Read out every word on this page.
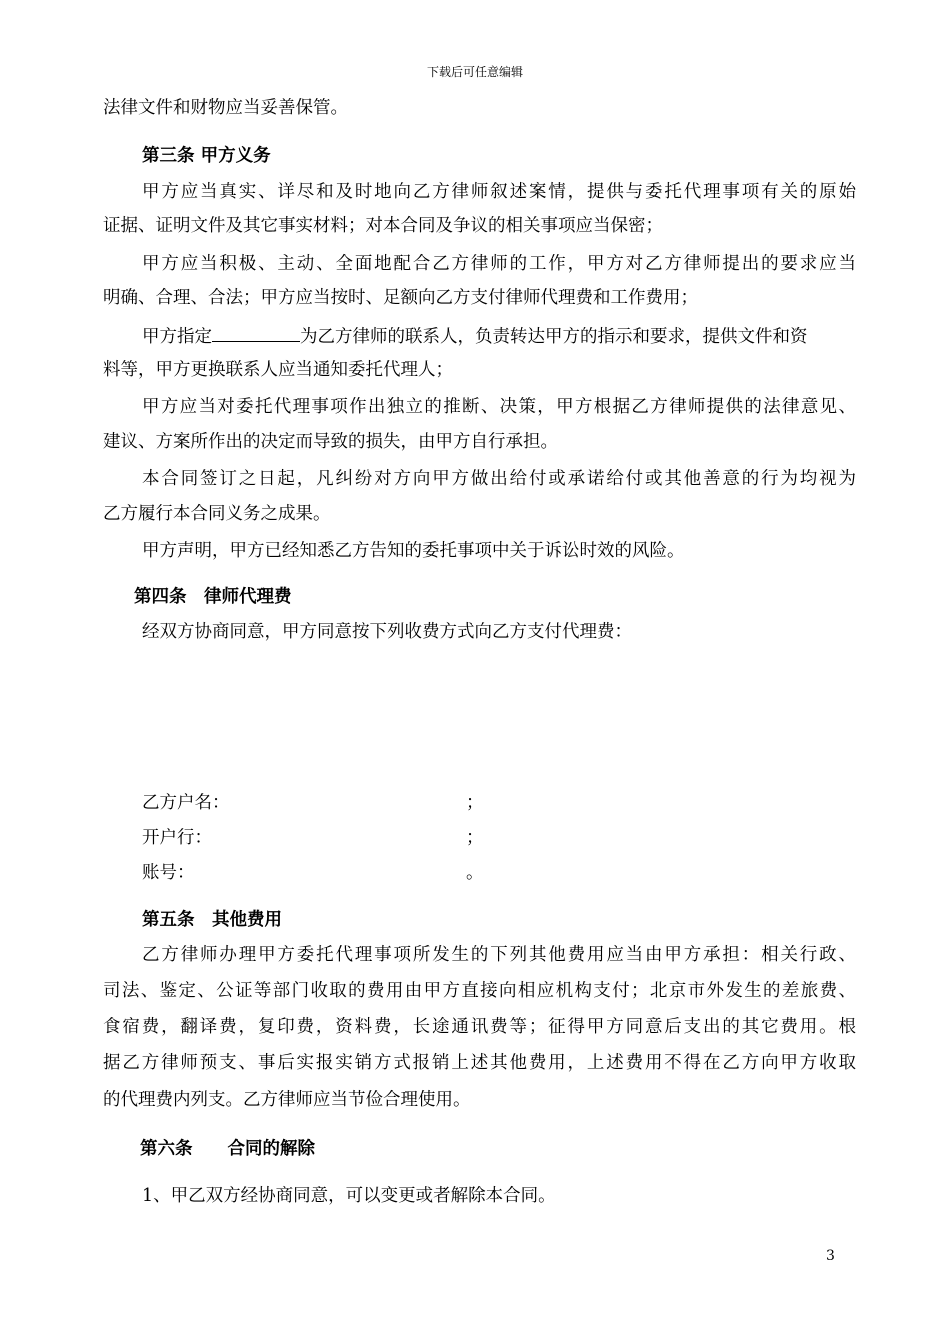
下载后可任意编辑
法律文件和财物应当妥善保管。
第三条 甲方义务
甲方应当真实、详尽和及时地向乙方律师叙述案情，提供与委托代理事项有关的原始
证据、证明文件及其它事实材料；对本合同及争议的相关事项应当保密；
甲方应当积极、主动、全面地配合乙方律师的工作，甲方对乙方律师提出的要求应当
明确、合理、合法；甲方应当按时、足额向乙方支付律师代理费和工作费用；
甲方指定	为乙方律师的联系人，负责转达甲方的指示和要求，提供文件和资
料等，甲方更换联系人应当通知委托代理人；
甲方应当对委托代理事项作出独立的推断、决策，甲方根据乙方律师提供的法律意见、
建议、方案所作出的决定而导致的损失，由甲方自行承担。
本合同签订之日起，凡纠纷对方向甲方做出给付或承诺给付或其他善意的行为均视为
乙方履行本合同义务之成果。
甲方声明，甲方已经知悉乙方告知的委托事项中关于诉讼时效的风险。
第四条　律师代理费
经双方协商同意，甲方同意按下列收费方式向乙方支付代理费：
乙方户名：	；
开户行：	；
账号：	。
第五条　其他费用
乙方律师办理甲方委托代理事项所发生的下列其他费用应当由甲方承担：相关行政、
司法、鉴定、公证等部门收取的费用由甲方直接向相应机构支付；北京市外发生的差旅费、
食宿费，翻译费，复印费，资料费，长途通讯费等；征得甲方同意后支出的其它费用。根
据乙方律师预支、事后实报实销方式报销上述其他费用，上述费用不得在乙方向甲方收取
的代理费内列支。乙方律师应当节俭合理使用。
第六条　　合同的解除
1、甲乙双方经协商同意，可以变更或者解除本合同。
3
